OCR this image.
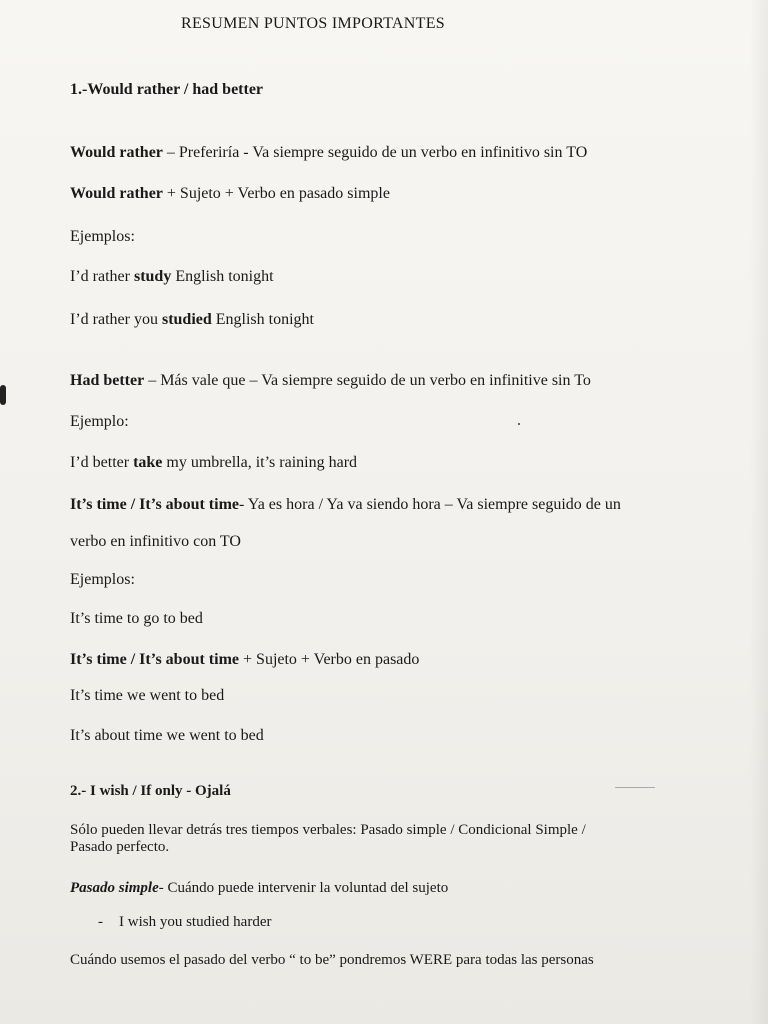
RESUMEN PUNTOS IMPORTANTES
1.-Would rather / had better
Would rather – Preferiría - Va siempre seguido de un verbo en infinitivo sin TO
Would rather + Sujeto + Verbo en pasado simple
Ejemplos:
I’d rather study English tonight
I’d rather you studied English tonight
Had better – Más vale que – Va siempre seguido de un verbo en infinitive sin To
Ejemplo:
I’d better take my umbrella, it’s raining hard
It’s time / It’s about time- Ya es hora / Ya va siendo hora – Va siempre seguido de un
verbo en infinitivo con TO
Ejemplos:
It’s time to go to bed
It’s time / It’s about time + Sujeto + Verbo en pasado
It’s time we went to bed
It’s about time we went to bed
2.- I wish / If only - Ojalá
Sólo pueden llevar detrás tres tiempos verbales: Pasado simple / Condicional Simple /
Pasado perfecto.
Pasado simple- Cuándo puede intervenir la voluntad del sujeto
- I wish you studied harder
Cuándo usemos el pasado del verbo “ to be” pondremos WERE para todas las personas
